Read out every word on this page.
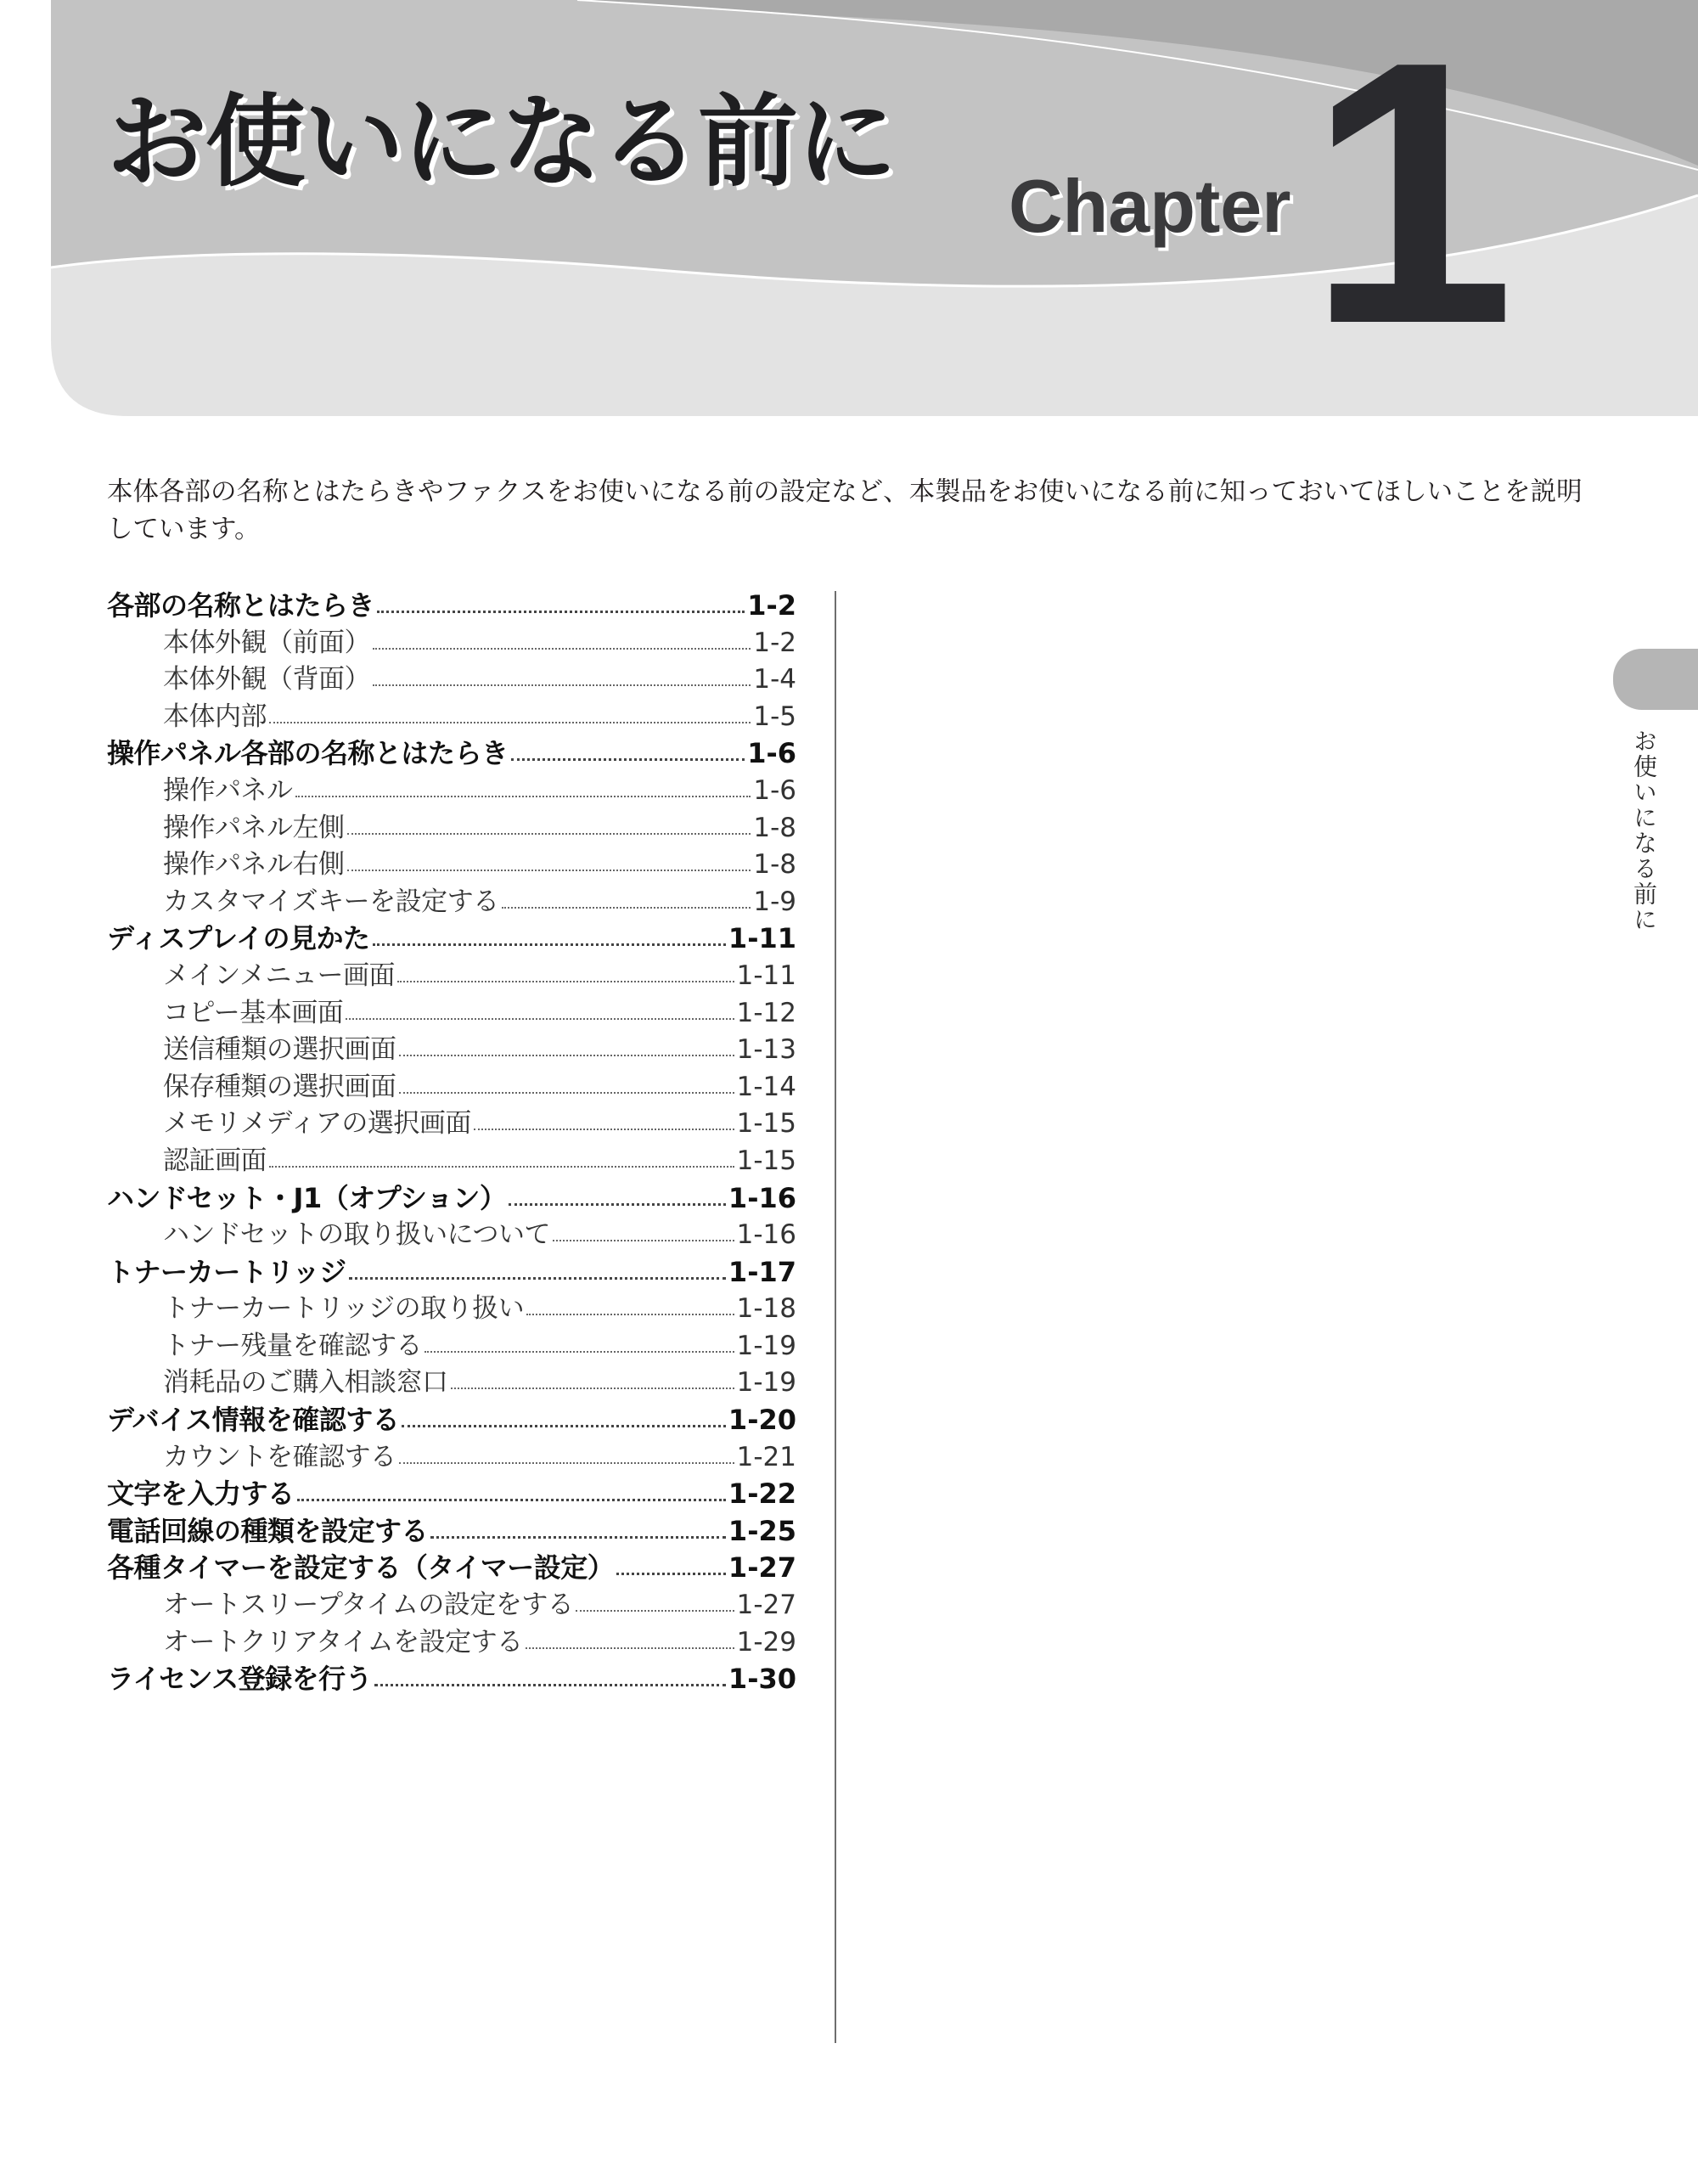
お使いになる前に
Chapter 1

本体各部の名称とはたらきやファクスをお使いになる前の設定など、本製品をお使いになる前に知っておいてほしいことを説明しています。

各部の名称とはたらき	1-2
本体外観（前面）	1-2
本体外観（背面）	1-4
本体内部	1-5
操作パネル各部の名称とはたらき	1-6
操作パネル	1-6
操作パネル左側	1-8
操作パネル右側	1-8
カスタマイズキーを設定する	1-9
ディスプレイの見かた	1-11
メインメニュー画面	1-11
コピー基本画面	1-12
送信種類の選択画面	1-13
保存種類の選択画面	1-14
メモリメディアの選択画面	1-15
認証画面	1-15
ハンドセット・J1（オプション）	1-16
ハンドセットの取り扱いについて	1-16
トナーカートリッジ	1-17
トナーカートリッジの取り扱い	1-18
トナー残量を確認する	1-19
消耗品のご購入相談窓口	1-19
デバイス情報を確認する	1-20
カウントを確認する	1-21
文字を入力する	1-22
電話回線の種類を設定する	1-25
各種タイマーを設定する（タイマー設定）	1-27
オートスリープタイムの設定をする	1-27
オートクリアタイムを設定する	1-29
ライセンス登録を行う	1-30
お使いになる前に
